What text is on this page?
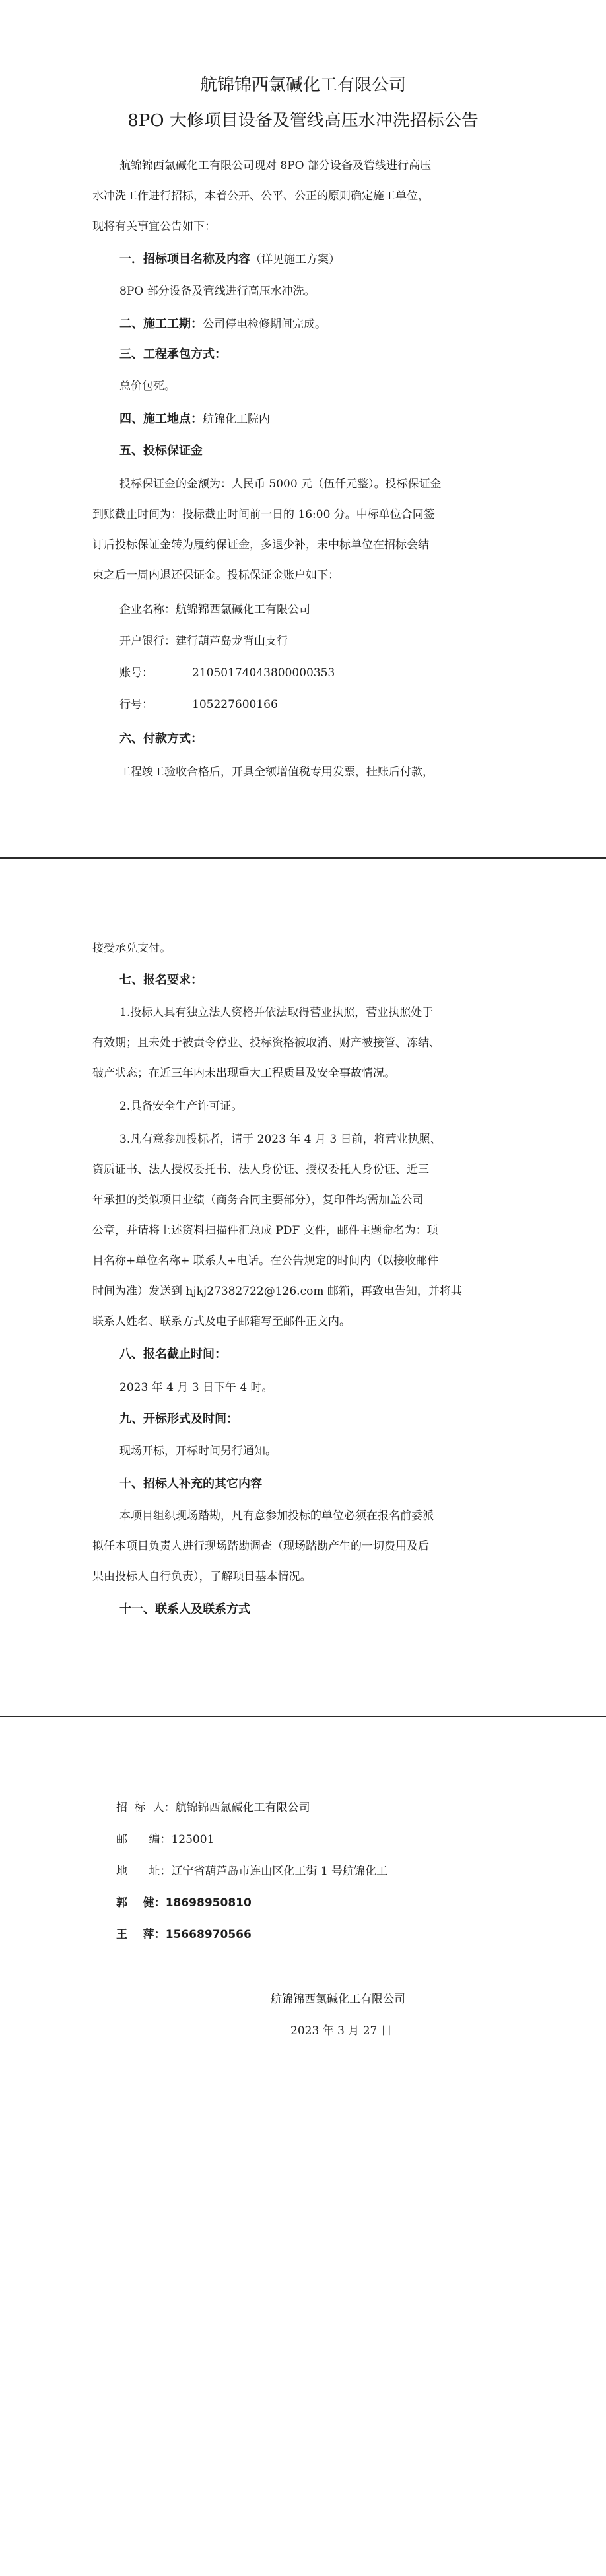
航锦锦西氯碱化工有限公司
8PO 大修项目设备及管线高压水冲洗招标公告
航锦锦西氯碱化工有限公司现对 8PO 部分设备及管线进行高压
水冲洗工作进行招标，本着公开、公平、公正的原则确定施工单位，
现将有关事宜公告如下：
一．招标项目名称及内容（详见施工方案）
8PO 部分设备及管线进行高压水冲洗。
二、施工工期：公司停电检修期间完成。
三、工程承包方式：
总价包死。
四、施工地点：航锦化工院内
五、投标保证金
投标保证金的金额为：人民币 5000 元（伍仟元整）。投标保证金
到账截止时间为：投标截止时间前一日的 16:00 分。中标单位合同签
订后投标保证金转为履约保证金，多退少补，未中标单位在招标会结
束之后一周内退还保证金。投标保证金账户如下：
企业名称：航锦锦西氯碱化工有限公司
开户银行：建行葫芦岛龙背山支行
账号：	21050174043800000353
行号：	105227600166
六、付款方式：
工程竣工验收合格后，开具全额增值税专用发票，挂账后付款，
接受承兑支付。
七、报名要求：
1.投标人具有独立法人资格并依法取得营业执照，营业执照处于
有效期；且未处于被责令停业、投标资格被取消、财产被接管、冻结、
破产状态；在近三年内未出现重大工程质量及安全事故情况。
2.具备安全生产许可证。
3.凡有意参加投标者，请于 2023 年 4 月 3 日前，将营业执照、
资质证书、法人授权委托书、法人身份证、授权委托人身份证、近三
年承担的类似项目业绩（商务合同主要部分），复印件均需加盖公司
公章，并请将上述资料扫描件汇总成 PDF 文件，邮件主题命名为：项
目名称+单位名称+ 联系人+电话。在公告规定的时间内（以接收邮件
时间为准）发送到 hjkj27382722@126.com 邮箱，再致电告知，并将其
联系人姓名、联系方式及电子邮箱写至邮件正文内。
八、报名截止时间：
2023 年 4 月 3 日下午 4 时。
九、开标形式及时间：
现场开标，开标时间另行通知。
十、招标人补充的其它内容
本项目组织现场踏勘，凡有意参加投标的单位必须在报名前委派
拟任本项目负责人进行现场踏勘调查（现场踏勘产生的一切费用及后
果由投标人自行负责），了解项目基本情况。
十一、联系人及联系方式
招  标  人：航锦锦西氯碱化工有限公司
邮      编：125001
地      址：辽宁省葫芦岛市连山区化工街 1 号航锦化工
郭    健：18698950810
王    萍：15668970566
航锦锦西氯碱化工有限公司
2023 年 3 月 27 日
